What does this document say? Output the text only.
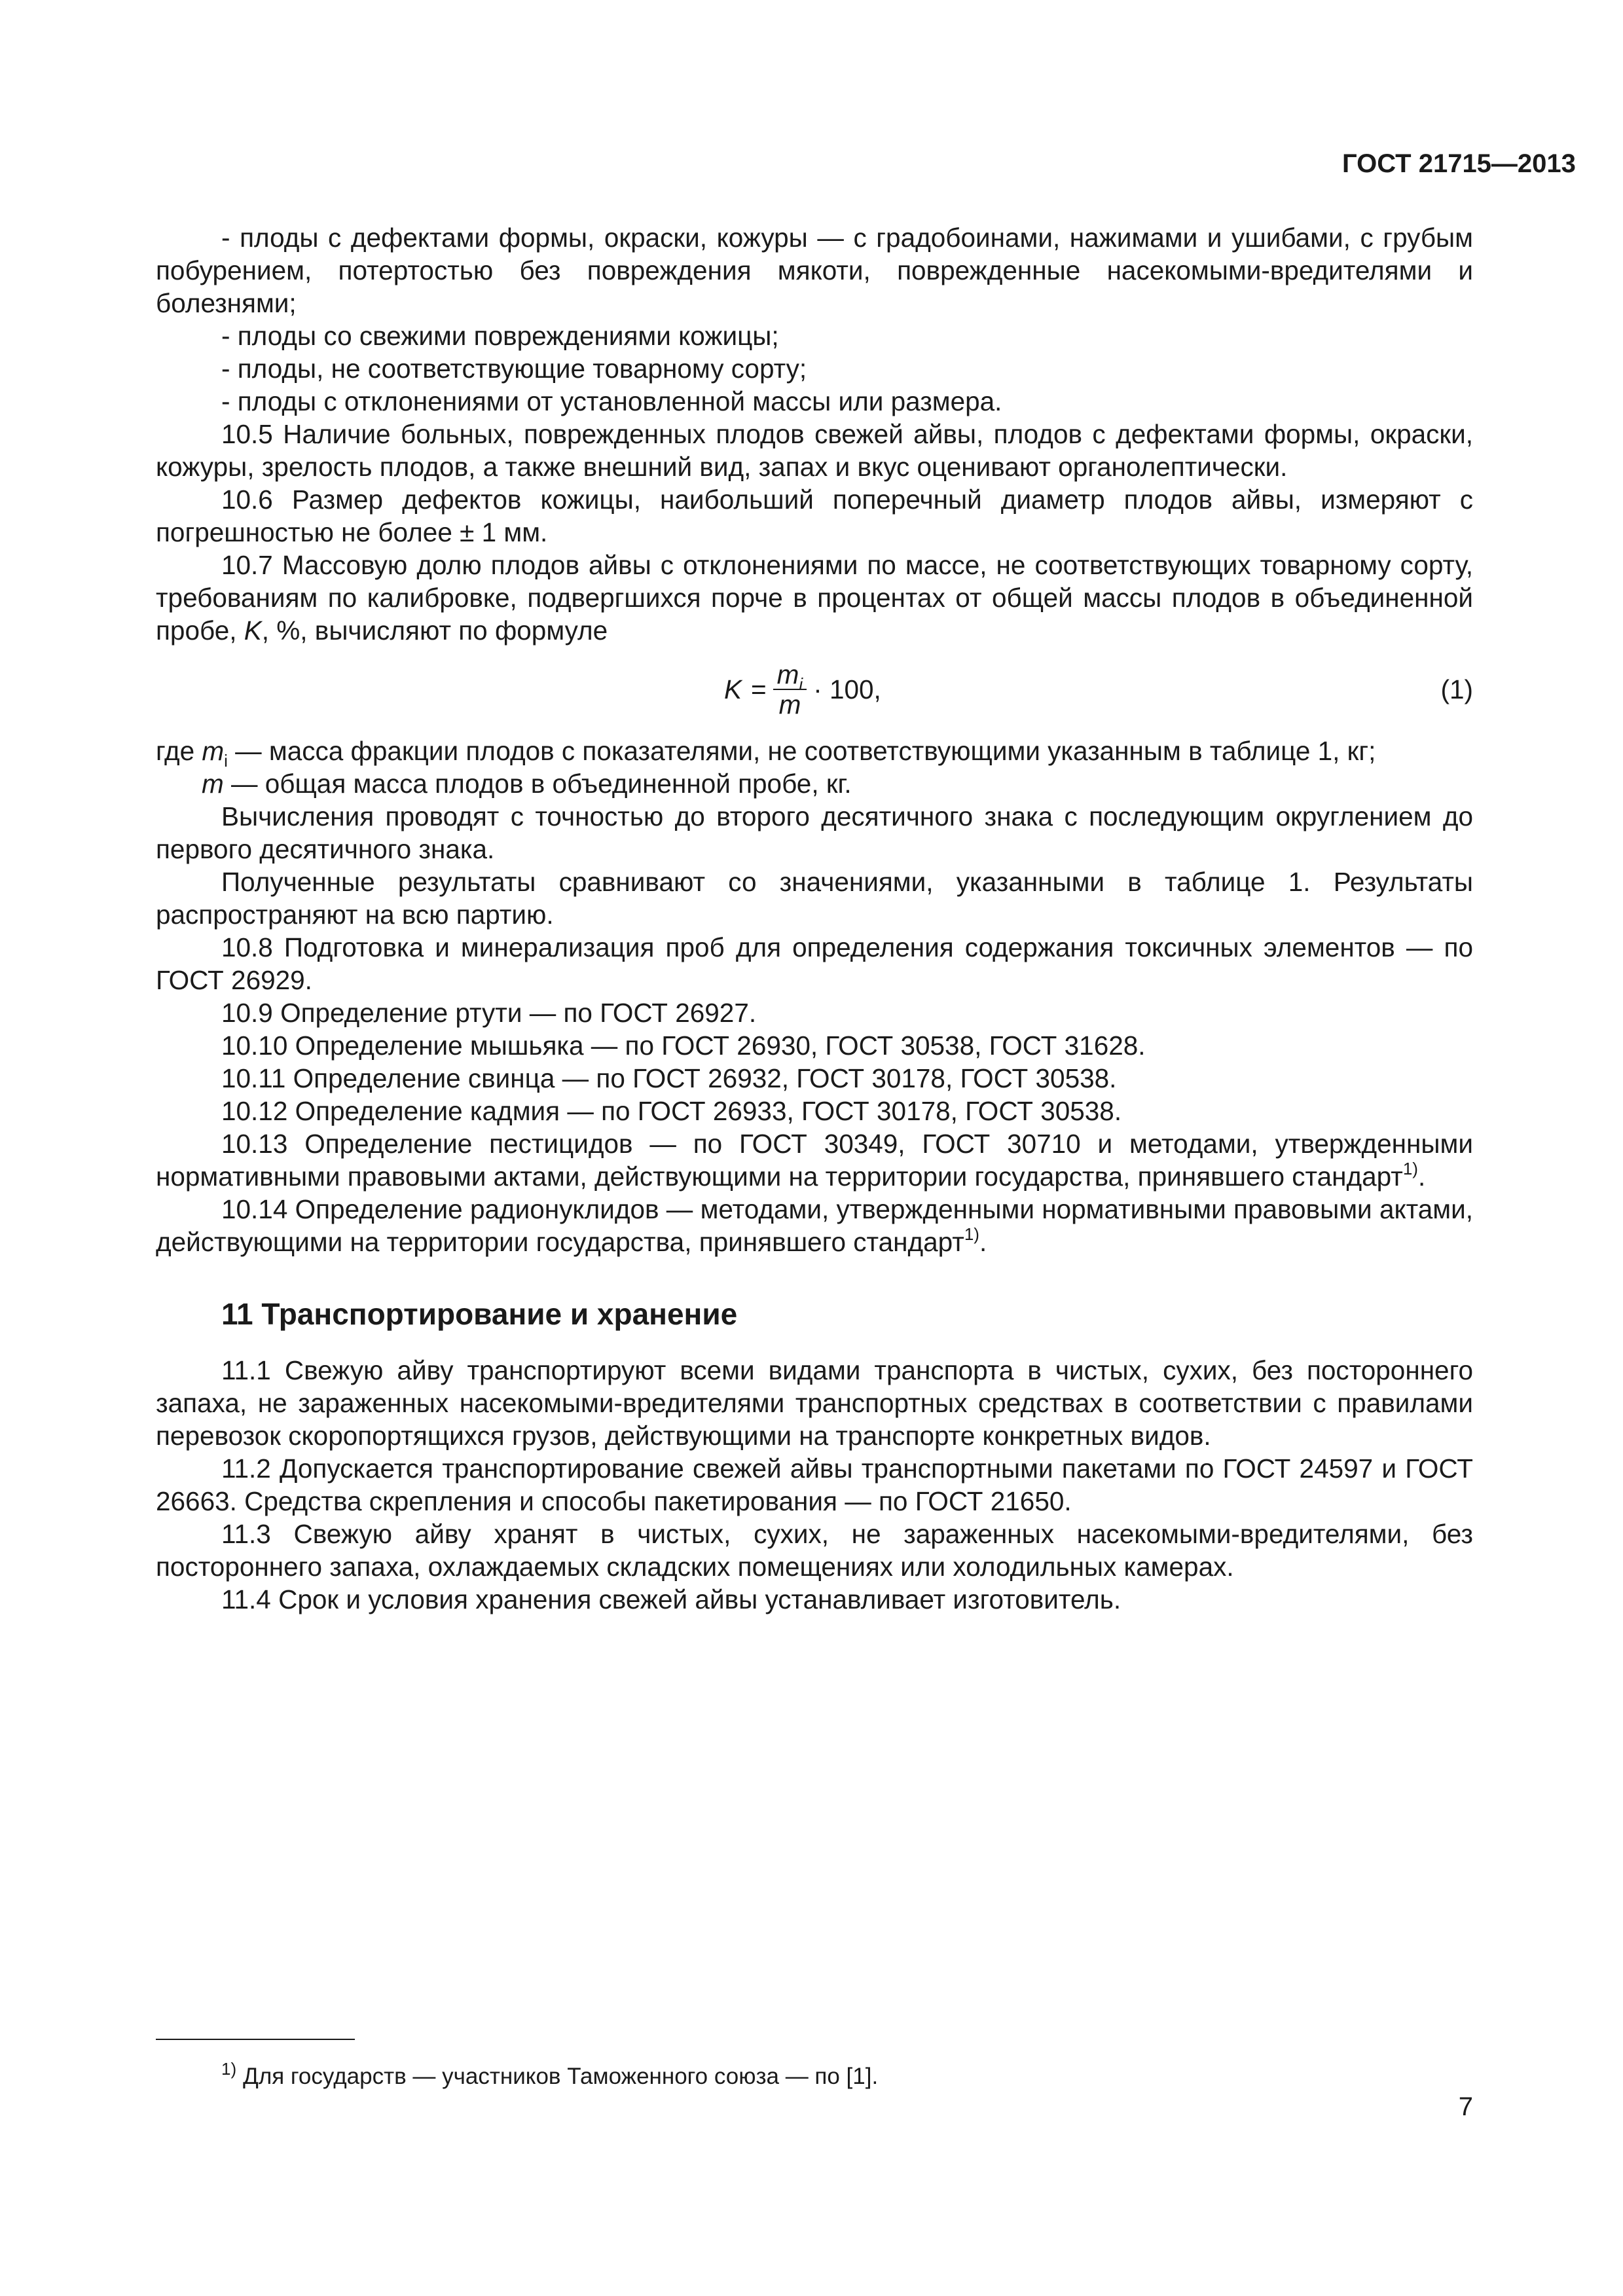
ГОСТ 21715—2013

- плоды с дефектами формы, окраски, кожуры — с градобоинами, нажимами и ушибами, с грубым побурением, потертостью без повреждения мякоти, поврежденные насекомыми-вредителями и болезнями;

- плоды со свежими повреждениями кожицы;

- плоды, не соответствующие товарному сорту;

- плоды с отклонениями от установленной массы или размера.

10.5 Наличие больных, поврежденных плодов свежей айвы, плодов с дефектами формы, окраски, кожуры, зрелость плодов, а также внешний вид, запах и вкус оценивают органолептически.

10.6 Размер дефектов кожицы, наибольший поперечный диаметр плодов айвы, измеряют с погрешностью не более ± 1 мм.

10.7 Массовую долю плодов айвы с отклонениями по массе, не соответствующих товарному сорту, требованиям по калибровке, подвергшихся порче в процентах от общей массы плодов в объединенной пробе, K, %, вычисляют по формуле

$K = \frac{m_i}{m} \cdot 100$,	(1)

где $m_i$ — масса фракции плодов с показателями, не соответствующими указанным в таблице 1, кг;

m — общая масса плодов в объединенной пробе, кг.

Вычисления проводят с точностью до второго десятичного знака с последующим округлением до первого десятичного знака.

Полученные результаты сравнивают со значениями, указанными в таблице 1. Результаты распространяют на всю партию.

10.8 Подготовка и минерализация проб для определения содержания токсичных элементов — по ГОСТ 26929.

10.9 Определение ртути — по ГОСТ 26927.

10.10 Определение мышьяка — по ГОСТ 26930, ГОСТ 30538, ГОСТ 31628.

10.11 Определение свинца — по ГОСТ 26932, ГОСТ 30178, ГОСТ 30538.

10.12 Определение кадмия — по ГОСТ 26933, ГОСТ 30178, ГОСТ 30538.

10.13 Определение пестицидов — по ГОСТ 30349, ГОСТ 30710 и методами, утвержденными нормативными правовыми актами, действующими на территории государства, принявшего стандарт$^{1)}$.

10.14 Определение радионуклидов — методами, утвержденными нормативными правовыми актами, действующими на территории государства, принявшего стандарт$^{1)}$.

11 Транспортирование и хранение

11.1 Свежую айву транспортируют всеми видами транспорта в чистых, сухих, без постороннего запаха, не зараженных насекомыми-вредителями транспортных средствах в соответствии с правилами перевозок скоропортящихся грузов, действующими на транспорте конкретных видов.

11.2 Допускается транспортирование свежей айвы транспортными пакетами по ГОСТ 24597 и ГОСТ 26663. Средства скрепления и способы пакетирования — по ГОСТ 21650.

11.3 Свежую айву хранят в чистых, сухих, не зараженных насекомыми-вредителями, без постороннего запаха, охлаждаемых складских помещениях или холодильных камерах.

11.4 Срок и условия хранения свежей айвы устанавливает изготовитель.

$^{1)}$ Для государств — участников Таможенного союза — по [1].
7
